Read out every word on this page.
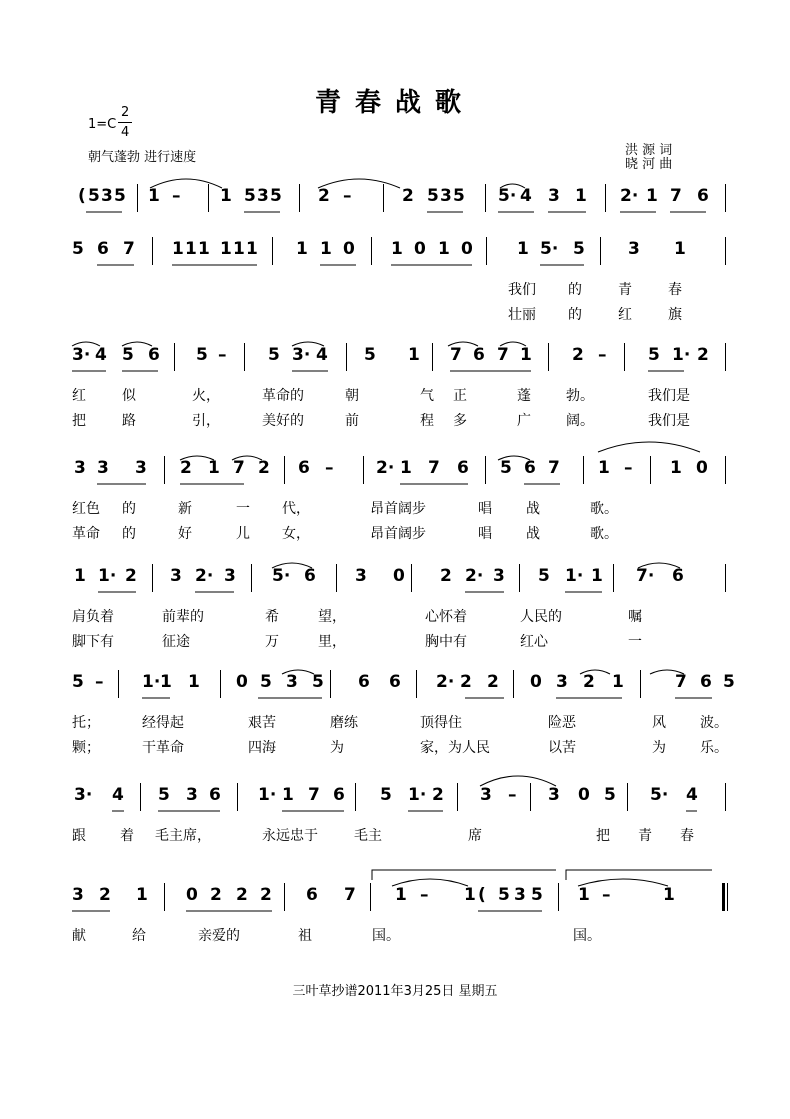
青春战歌
1=C
2
4
朝气蓬勃 进行速度	洪 源 词
晓 河 曲
( 5 3 5 1 – 1 5 3 5 2 –	2 5 3 5 5· 4 3 1 2· 1 7 6
5 6 7 1 1 1 1 1 1 1 1 0 1 0 1 0	1 5· 5	3 1
我们 的	青	春
壮丽 的	红	旗
3· 4 5 6 5 – 5 3· 4 5 1 7 6 7 1 2 – 5 1· 2
红	似	火，	革命的	朝	气 正	蓬	勃。	我们是
把	路	引，	美好的	前	程 多	广	阔。	我们是
3 3 3 2 1 7 2 6 –	2· 1 7 6 5 6 7 1 – 1 0
红色 的	新	一 代，	昂首阔步	唱 战	歌。
革命 的	好	儿 女，	昂首阔步	唱 战	歌。
1 1· 2 3 2· 3 5· 6 3 0 2 2· 3 5 1· 1 7· 6
肩负着	前辈的	希	望，	心怀着	人民的	嘱
脚下有	征途	万	里，	胸中有	红心	一
5 – 1· 1 1 0 5 3 5 6 6 2· 2 2 0 3 2 1	7 6 5
托；	经得起	艰苦	磨练	顶得住	险恶	风 波。
颗；	干革命	四海	为	家，为人民	以苦	为 乐。
3· 4 5 3 6 1· 1 7 6 5 1· 2 3 – 3 0 5 5· 4
跟 着 毛主席，	永远忠于	毛主	席	把 青 春
3 2 1 0 2 2 2 6 7 1 – 1 ( 5 3 5 1 –	1
献	给	亲爱的	祖	国。	国。
三叶草抄谱2011年3月25日 星期五
